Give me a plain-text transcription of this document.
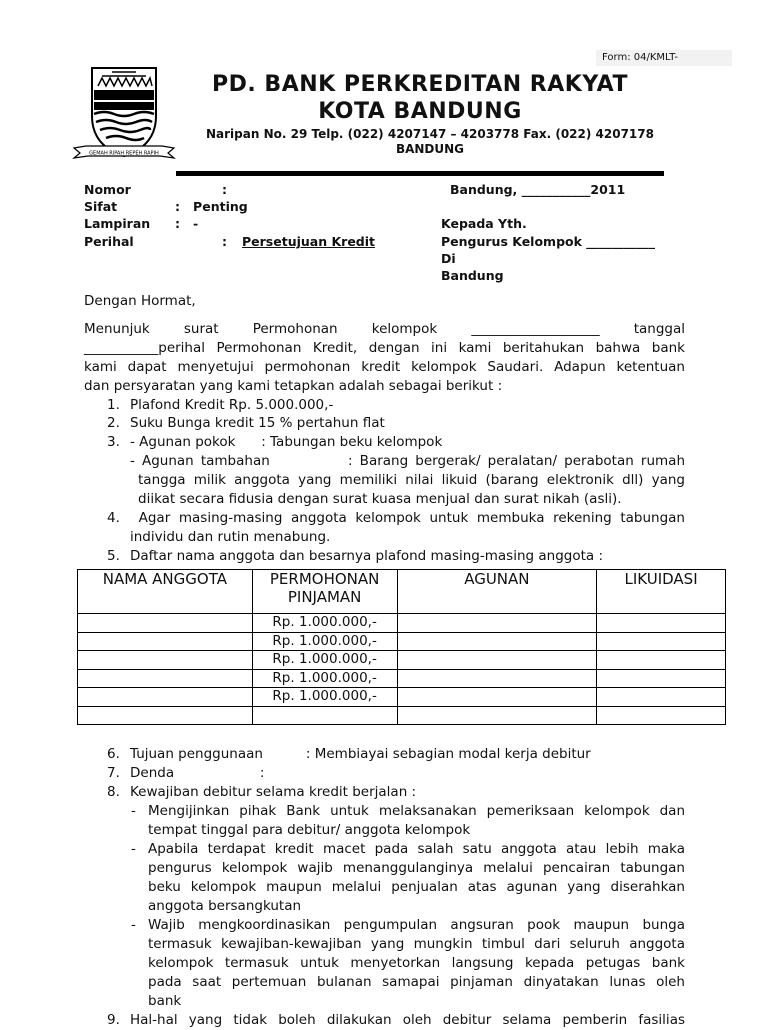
Form: 04/KMLT-
GEMAH RIPAH REPEH RAPIH
PD. BANK PERKREDITAN RAKYAT
KOTA BANDUNG
Naripan No. 29 Telp. (022) 4207147 – 4203778 Fax. (022) 4207178
BANDUNG
Nomor	:
Sifat	:   Penting
Lampiran :   -
Perihal	: Persetujuan Kredit
Bandung, ___________2011
Kepada Yth.
Pengurus Kelompok ___________
Di
Bandung
Dengan Hormat,
Menunjuk surat Permohonan kelompok ___________________ tanggal
___________perihal Permohonan Kredit, dengan ini kami beritahukan bahwa bank
kami dapat menyetujui permohonan kredit kelompok Saudari. Adapun ketentuan
dan persyaratan yang kami tetapkan adalah sebagai berikut :
1. Plafond Kredit Rp. 5.000.000,-
2. Suku Bunga kredit 15 % pertahun flat
3. - Agunan pokok      : Tabungan beku kelompok
- Agunan tambahan           : Barang bergerak/ peralatan/ perabotan rumah
tangga milik anggota yang memiliki nilai likuid (barang elektronik dll) yang
diikat secara fidusia dengan surat kuasa menjual dan surat nikah (asli).
4. Agar masing-masing anggota kelompok untuk membuka rekening tabungan
individu dan rutin menabung.
5. Daftar nama anggota dan besarnya plafond masing-masing anggota :
NAMA ANGGOTA	PERMOHONAN PINJAMAN	AGUNAN	LIKUIDASI
	Rp. 1.000.000,-		
	Rp. 1.000.000,-		
	Rp. 1.000.000,-		
	Rp. 1.000.000,-		
	Rp. 1.000.000,-		

6. Tujuan penggunaan          : Membiayai sebagian modal kerja debitur
7. Denda                    :
8. Kewajiban debitur selama kredit berjalan :
- Mengijinkan pihak Bank untuk melaksanakan pemeriksaan kelompok dan
tempat tinggal para debitur/ anggota kelompok
- Apabila terdapat kredit macet pada salah satu anggota atau lebih maka
pengurus kelompok wajib menanggulanginya melalui pencairan tabungan
beku kelompok maupun melalui penjualan atas agunan yang diserahkan
anggota bersangkutan
- Wajib mengkoordinasikan pengumpulan angsuran pook maupun bunga
termasuk kewajiban-kewajiban yang mungkin timbul dari seluruh anggota
kelompok termasuk untuk menyetorkan langsung kepada petugas bank
pada saat pertemuan bulanan samapai pinjaman dinyatakan lunas oleh
bank
9. Hal-hal yang tidak boleh dilakukan oleh debitur selama pemberin fasilias
